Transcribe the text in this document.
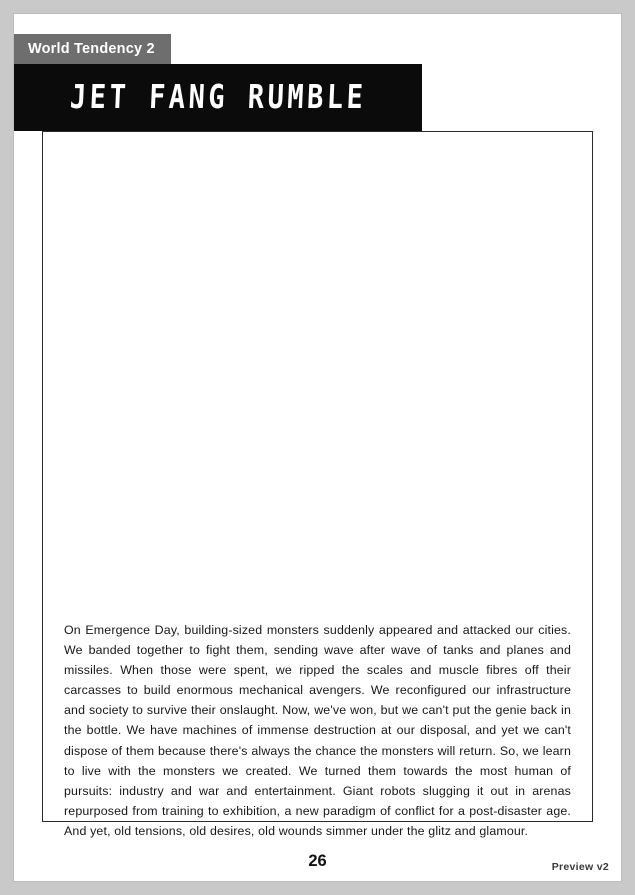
World Tendency 2
JET FANG RUMBLE
On Emergence Day, building-sized monsters suddenly appeared and attacked our cities. We banded together to fight them, sending wave after wave of tanks and planes and missiles. When those were spent, we ripped the scales and muscle fibres off their carcasses to build enormous mechanical avengers. We reconfigured our infrastructure and society to survive their onslaught. Now, we've won, but we can't put the genie back in the bottle. We have machines of immense destruction at our disposal, and yet we can't dispose of them because there's always the chance the monsters will return. So, we learn to live with the monsters we created. We turned them towards the most human of pursuits: industry and war and entertainment. Giant robots slugging it out in arenas repurposed from training to exhibition, a new paradigm of conflict for a post-disaster age. And yet, old tensions, old desires, old wounds simmer under the glitz and glamour.
26	Preview v2
